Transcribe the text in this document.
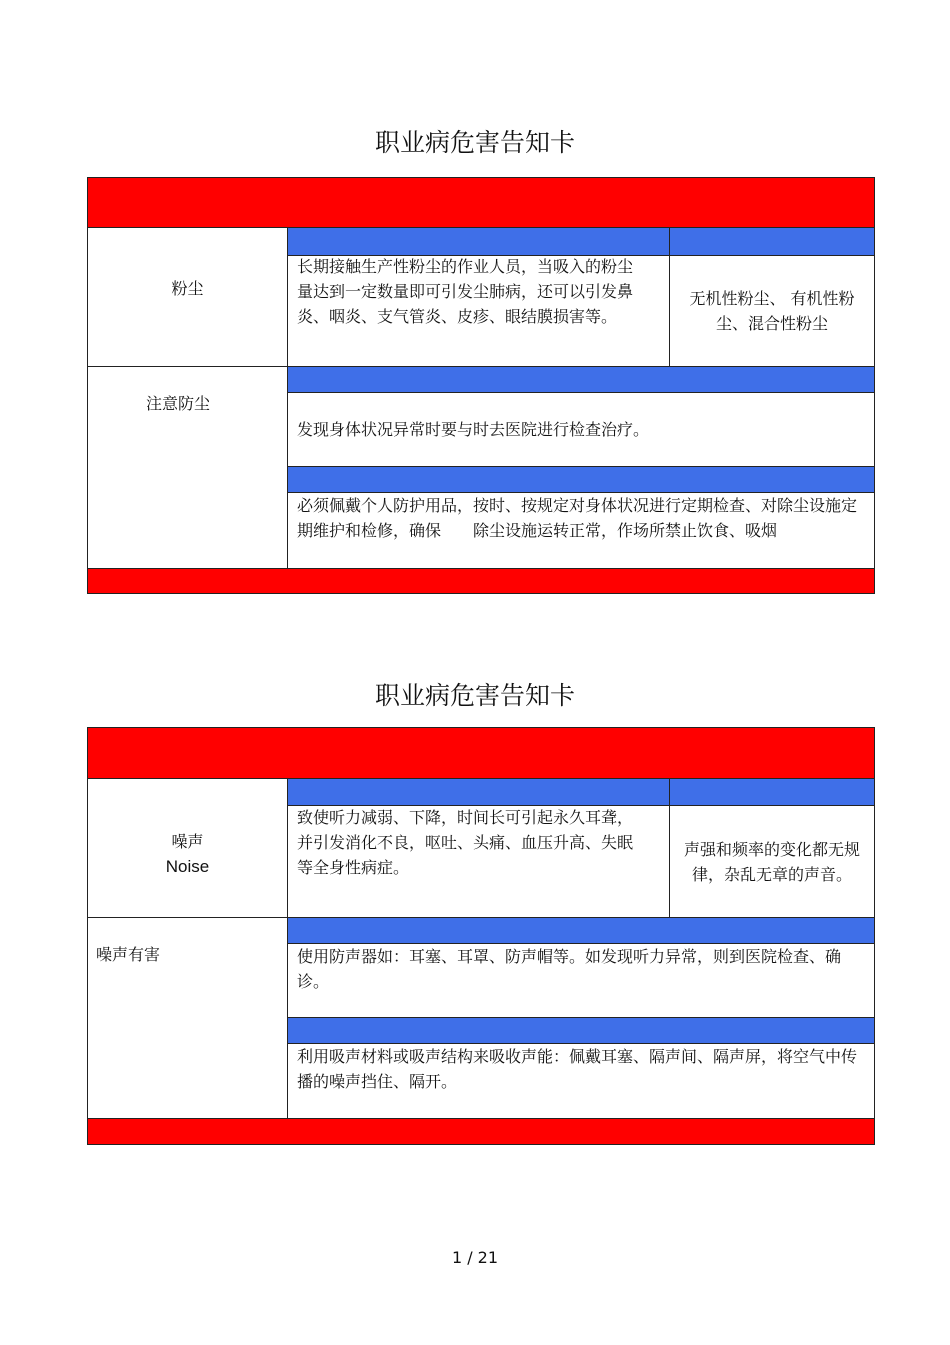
职业病危害告知卡
粉尘
长期接触生产性粉尘的作业人员，当吸入的粉尘量达到一定数量即可引发尘肺病，还可以引发鼻炎、咽炎、支气管炎、皮疹、眼结膜损害等。
无机性粉尘、 有机性粉尘、混合性粉尘
注意防尘
发现身体状况异常时要与时去医院进行检查治疗。
必须佩戴个人防护用品，按时、按规定对身体状况进行定期检查、对除尘设施定期维护和检修，确保　　除尘设施运转正常，作场所禁止饮食、吸烟
职业病危害告知卡
噪声
Noise
致使听力减弱、下降，时间长可引起永久耳聋，并引发消化不良，呕吐、头痛、血压升高、失眠等全身性病症。
声强和频率的变化都无规律，杂乱无章的声音。
噪声有害	使用防声器如：耳塞、耳罩、防声帽等。如发现听力异常，则到医院检查、确诊。
利用吸声材料或吸声结构来吸收声能：佩戴耳塞、隔声间、隔声屏，将空气中传播的噪声挡住、隔开。
1 / 21
